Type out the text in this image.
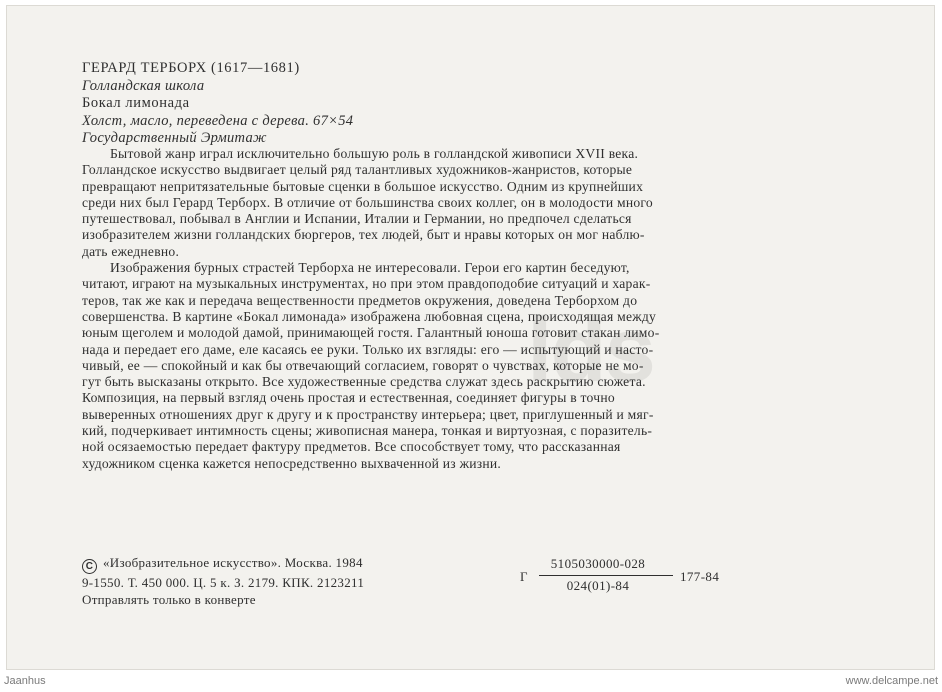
lds
ГЕРАРД ТЕРБОРХ (1617—1681)
Голландская школа
Бокал лимонада
Холст, масло, переведена с дерева. 67×54
Государственный Эрмитаж
Бытовой жанр играл исключительно большую роль в голландской живописи XVII века.
Голландское искусство выдвигает целый ряд талантливых художников-жанристов, которые
превращают непритязательные бытовые сценки в большое искусство. Одним из крупнейших
среди них был Герард Терборх. В отличие от большинства своих коллег, он в молодости много
путешествовал, побывал в Англии и Испании, Италии и Германии, но предпочел сделаться
изобразителем жизни голландских бюргеров, тех людей, быт и нравы которых он мог наблю-
дать ежедневно.
Изображения бурных страстей Терборха не интересовали. Герои его картин беседуют,
читают, играют на музыкальных инструментах, но при этом правдоподобие ситуаций и харак-
теров, так же как и передача вещественности предметов окружения, доведена Терборхом до
совершенства. В картине «Бокал лимонада» изображена любовная сцена, происходящая между
юным щеголем и молодой дамой, принимающей гостя. Галантный юноша готовит стакан лимо-
нада и передает его даме, еле касаясь ее руки. Только их взгляды: его — испытующий и насто-
чивый, ее — спокойный и как бы отвечающий согласием, говорят о чувствах, которые не мо-
гут быть высказаны открыто. Все художественные средства служат здесь раскрытию сюжета.
Композиция, на первый взгляд очень простая и естественная, соединяет фигуры в точно
выверенных отношениях друг к другу и к пространству интерьера; цвет, приглушенный и мяг-
кий, подчеркивает интимность сцены; живописная манера, тонкая и виртуозная, с поразитель-
ной осязаемостью передает фактуру предметов. Все способствует тому, что рассказанная
художником сценка кажется непосредственно выхваченной из жизни.
C «Изобразительное искусство». Москва. 1984
9-1550. Т. 450 000. Ц. 5 к. З. 2179. КПК. 2123211
Отправлять только в конверте
Г
5105030000-028
024(01)-84
177-84
Jaanhus	www.delcampe.net
